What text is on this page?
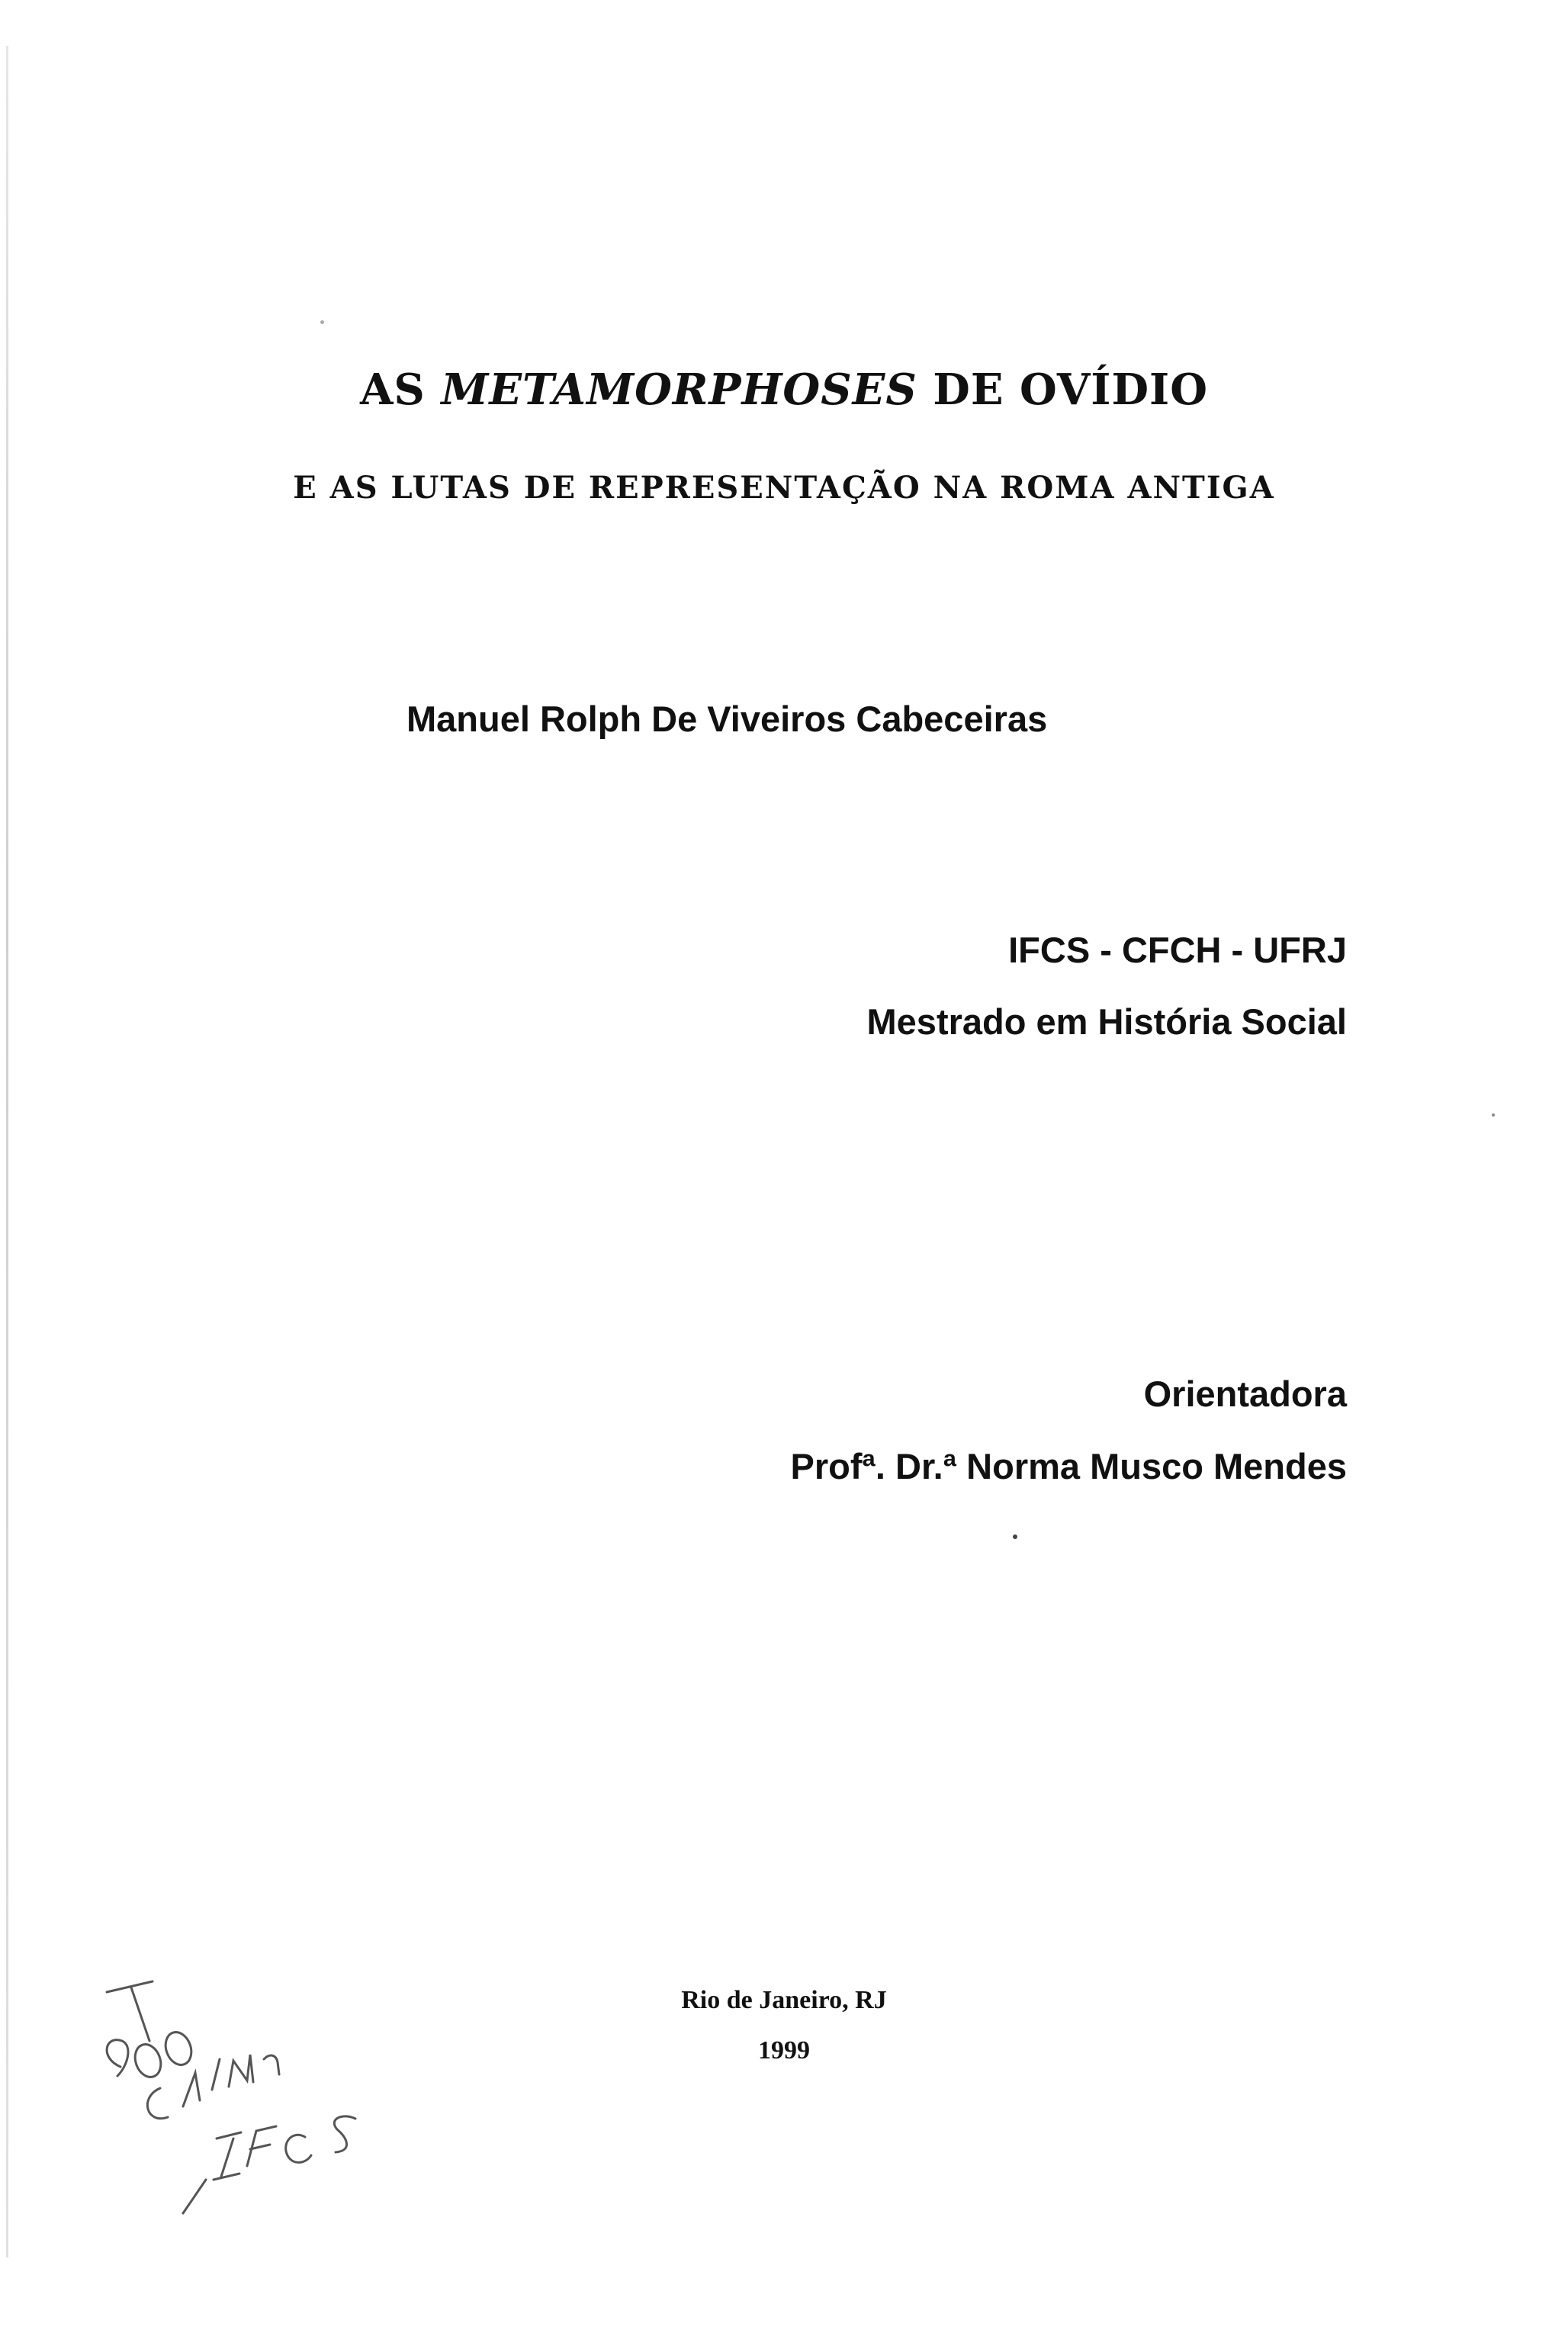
AS METAMORPHOSES DE OVÍDIO
E AS LUTAS DE REPRESENTAÇÃO NA ROMA ANTIGA
Manuel Rolph De Viveiros Cabeceiras
IFCS - CFCH - UFRJ
Mestrado em História Social
Orientadora
Profª. Dr.ª Norma Musco Mendes
Rio de Janeiro, RJ
1999
